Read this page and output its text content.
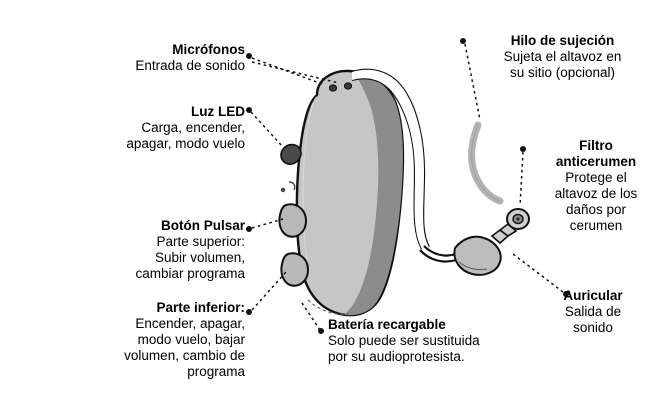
Micrófonos
Entrada de sonido
Luz LED
Carga, encender,
apagar, modo vuelo
Botón Pulsar
Parte superior:
Subir volumen,
cambiar programa
Parte inferior:
Encender, apagar,
modo vuelo, bajar
volumen, cambio de
programa
Batería recargable
Solo puede ser sustituida
por su audioprotesista.
Hilo de sujeción
Sujeta el altavoz en
su sitio (opcional)
Filtro
anticerumen
Protege el
altavoz de los
daños por
cerumen
Auricular
Salida de
sonido
